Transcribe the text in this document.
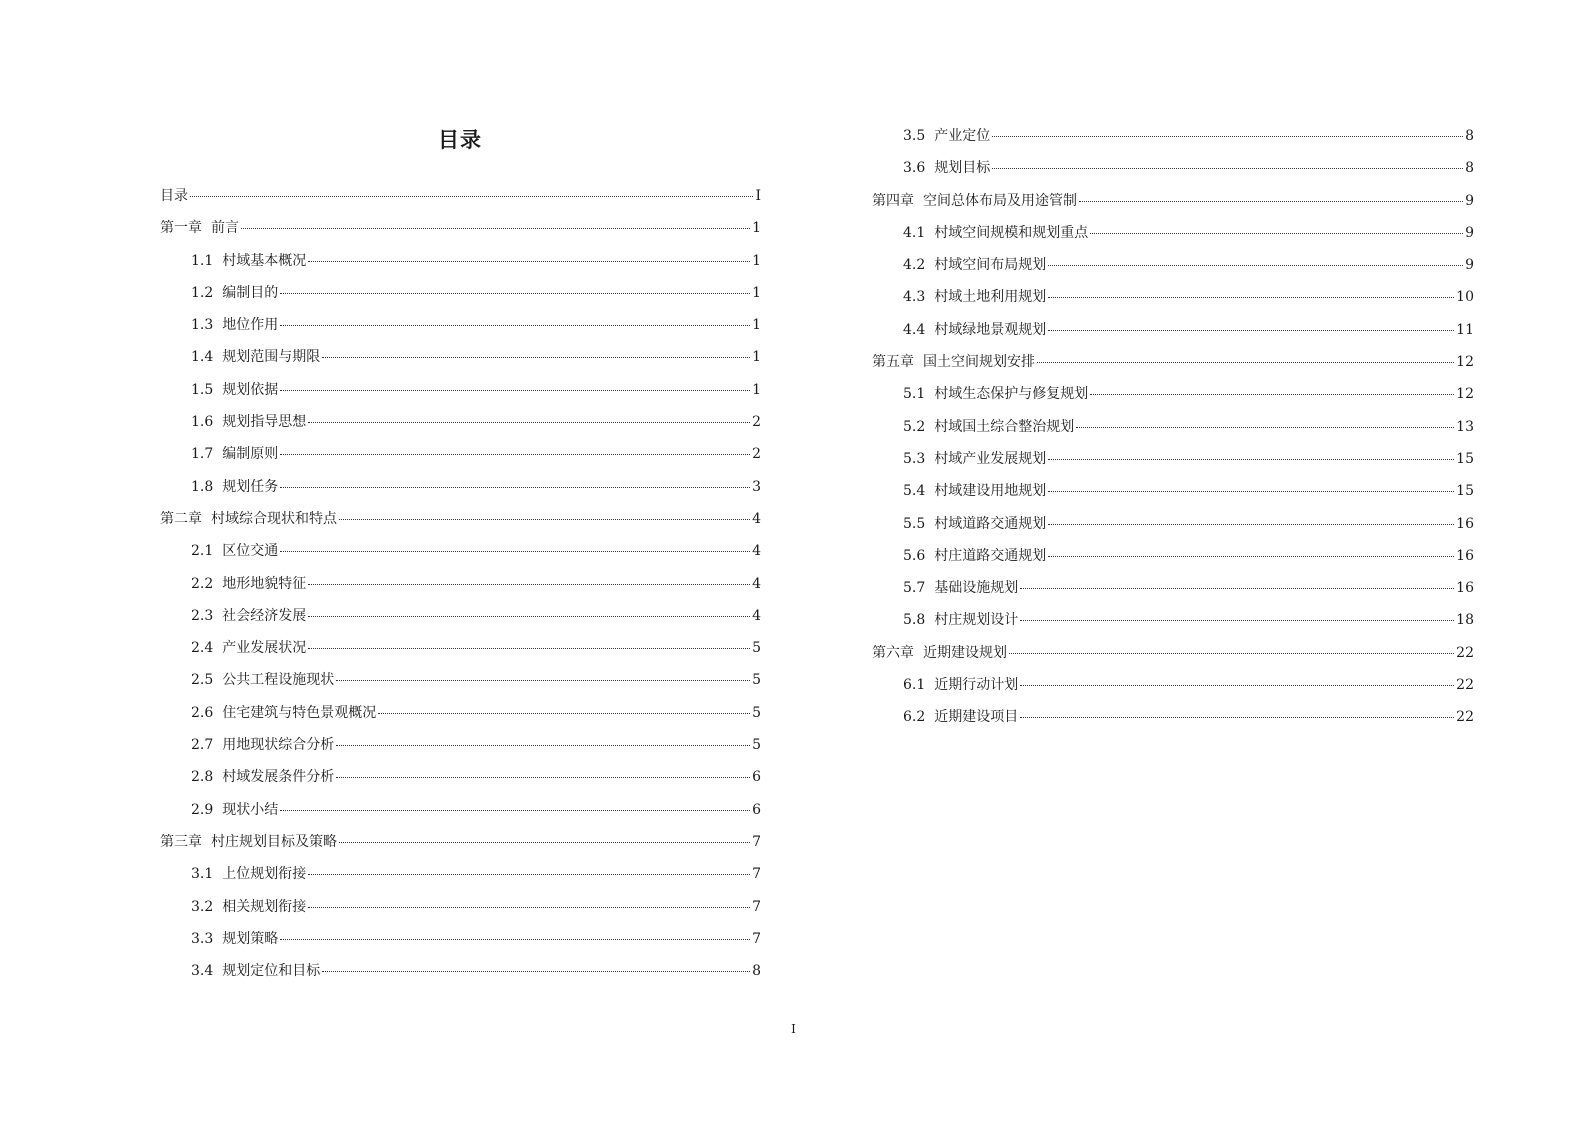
目录
目录	I
第一章 前言	1
1.1 村域基本概况	1
1.2 编制目的	1
1.3 地位作用	1
1.4 规划范围与期限	1
1.5 规划依据	1
1.6 规划指导思想	2
1.7 编制原则	2
1.8 规划任务	3
第二章 村域综合现状和特点	4
2.1 区位交通	4
2.2 地形地貌特征	4
2.3 社会经济发展	4
2.4 产业发展状况	5
2.5 公共工程设施现状	5
2.6 住宅建筑与特色景观概况	5
2.7 用地现状综合分析	5
2.8 村域发展条件分析	6
2.9 现状小结	6
第三章 村庄规划目标及策略	7
3.1 上位规划衔接	7
3.2 相关规划衔接	7
3.3 规划策略	7
3.4 规划定位和目标	8
3.5 产业定位	8
3.6 规划目标	8
第四章 空间总体布局及用途管制	9
4.1 村域空间规模和规划重点	9
4.2 村域空间布局规划	9
4.3 村域土地利用规划	10
4.4 村域绿地景观规划	11
第五章 国土空间规划安排	12
5.1 村域生态保护与修复规划	12
5.2 村域国土综合整治规划	13
5.3 村域产业发展规划	15
5.4 村域建设用地规划	15
5.5 村域道路交通规划	16
5.6 村庄道路交通规划	16
5.7 基础设施规划	16
5.8 村庄规划设计	18
第六章 近期建设规划	22
6.1 近期行动计划	22
6.2 近期建设项目	22
I
